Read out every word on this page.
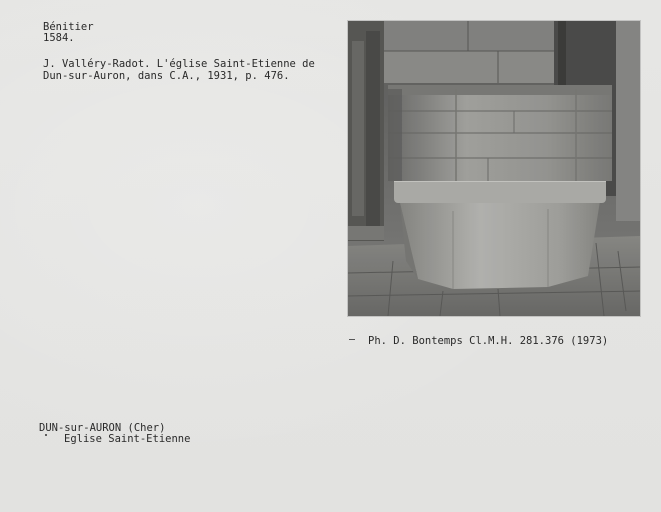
Bénitier
1584.
J. Valléry-Radot. L'église Saint-Etienne de
Dun-sur-Auron, dans C.A., 1931, p. 476.
Ph. D. Bontemps Cl.M.H. 281.376 (1973)
DUN-sur-AURON (Cher)
Eglise Saint-Etienne
